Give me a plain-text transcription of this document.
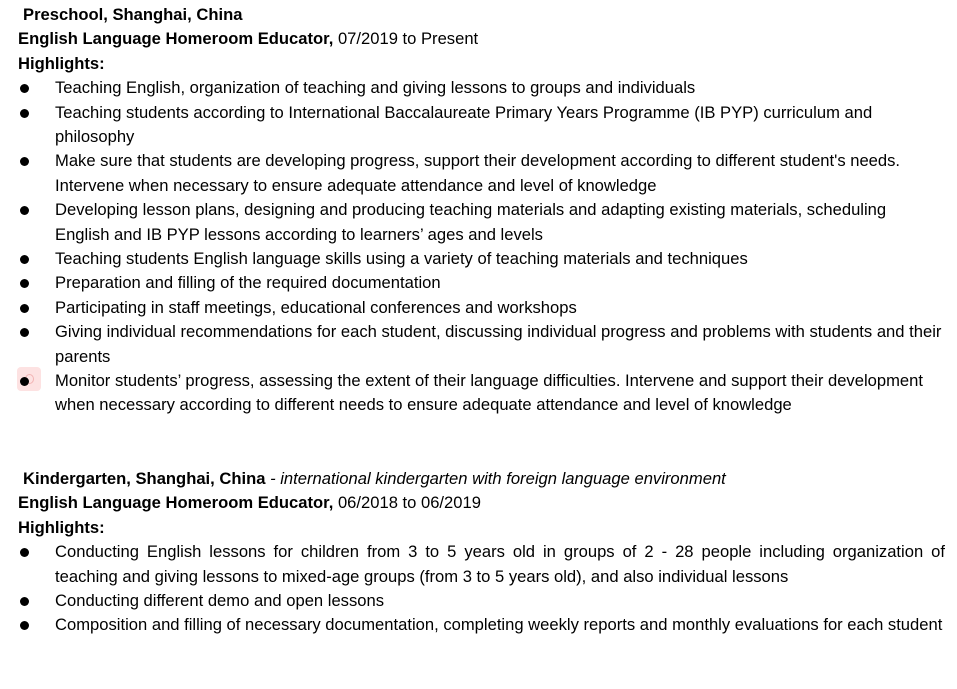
Preschool, Shanghai, China
English Language Homeroom Educator, 07/2019 to Present
Highlights:
Teaching English, organization of teaching and giving lessons to groups and individuals
Teaching students according to International Baccalaureate Primary Years Programme (IB PYP) curriculum and philosophy
Make sure that students are developing progress, support their development according to different student's needs. Intervene when necessary to ensure adequate attendance and level of knowledge
Developing lesson plans, designing and producing teaching materials and adapting existing materials, scheduling English and IB PYP lessons according to learners’ ages and levels
Teaching students English language skills using a variety of teaching materials and techniques
Preparation and filling of the required documentation
Participating in staff meetings, educational conferences and workshops
Giving individual recommendations for each student, discussing individual progress and problems with students and their parents
Monitor students’ progress, assessing the extent of their language difficulties. Intervene and support their development when necessary according to different needs to ensure adequate attendance and level of knowledge
Kindergarten, Shanghai, China - international kindergarten with foreign language environment
English Language Homeroom Educator, 06/2018 to 06/2019
Highlights:
Conducting English lessons for children from 3 to 5 years old in groups of 2 - 28 people including organization of teaching and giving lessons to mixed-age groups (from 3 to 5 years old), and also individual lessons
Conducting different demo and open lessons
Composition and filling of necessary documentation, completing weekly reports and monthly evaluations for each student
